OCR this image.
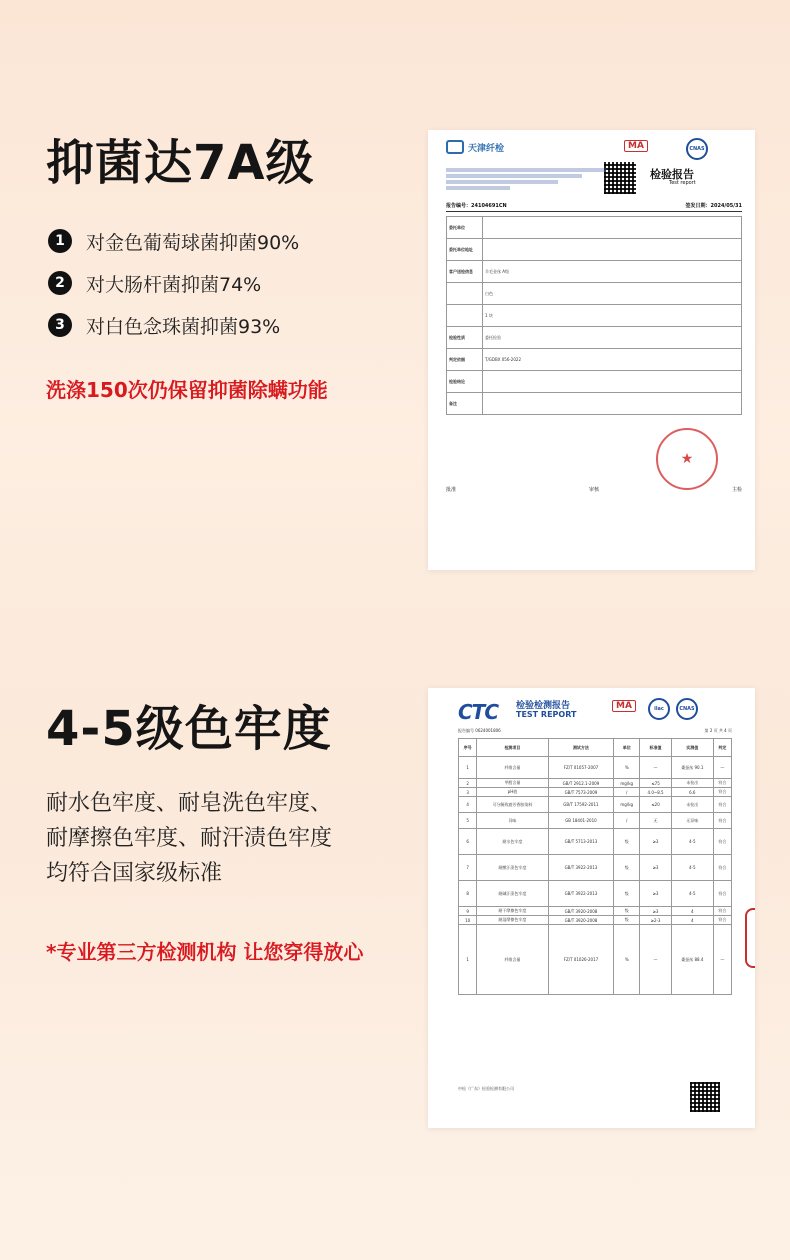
抑菌达7A级
1	对金色葡萄球菌抑菌90%
2	对大肠杆菌抑菌74%
3	对白色念珠菌抑菌93%
洗涤150次仍保留抑菌除螨功能
天津纤检	MA	CNAS
检验报告
Test report
报告编号：24104691CN	签发日期：2024/05/31
委托单位	
委托单位地址	
客户送检信息	羊毛金丝 A级
	白色
	1 块
检验性质	委托检验
判定依据	T/GDBX 056-2022
检验结论	
备注	
★
批准	审核	主检
4-5级色牢度
耐水色牢度、耐皂洗色牢度、
耐摩擦色牢度、耐汗渍色牢度
均符合国家级标准
*专业第三方检测机构 让您穿得放心
CTC 检验检测报告
TEST REPORT
MA	ilac	CNAS
报告编号 0624001806	第 2 页 共 4 页
序号	检测项目	测试方法	单位	标准值	实测值	判定
1	纤维含量	FZ/T 01057-2007	%	—	桑蚕丝 90.1	—
2	甲醛含量	GB/T 2912.1-2009	mg/kg	≤75	未检出	符合
3	pH值	GB/T 7573-2009	/	4.0~8.5	6.6	符合
4	可分解致癌芳香胺染料	GB/T 17592-2011	mg/kg	≤20	未检出	符合
5	异味	GB 18401-2010	/	无	无异味	符合
6	耐水色牢度	GB/T 5713-2013	级	≥3	4-5	符合
7	耐酸汗渍色牢度	GB/T 3922-2013	级	≥3	4-5	符合
8	耐碱汗渍色牢度	GB/T 3922-2013	级	≥3	4-5	符合
9	耐干摩擦色牢度	GB/T 3920-2008	级	≥3	4	符合
10	耐湿摩擦色牢度	GB/T 3920-2008	级	≥2-3	4	符合
1	纤维含量	FZ/T 01026-2017	%	—	桑蚕丝 88.4	—
中检（广东）检验检测有限公司
